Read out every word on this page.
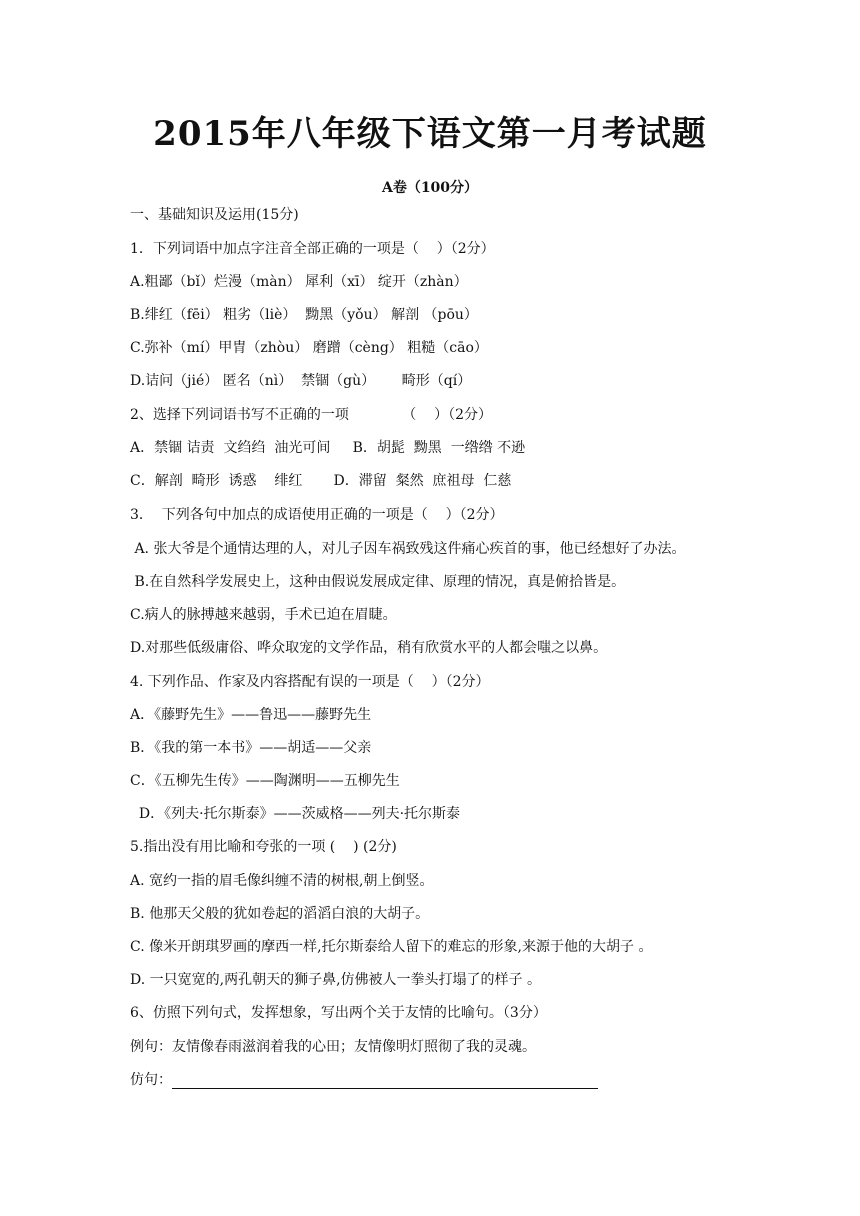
2015年八年级下语文第一月考试题
A卷（100分）
一、基础知识及运用(15分)
1．下列词语中加点字注音全部正确的一项是（    ）（2分）
A.粗鄙（bǐ）烂漫（màn） 犀利（xī） 绽开（zhàn）
B.绯红（fēi） 粗劣（liè）  黝黑（yǒu） 解剖 （pōu）
C.弥补（mí）甲胄（zhòu） 磨蹭（cèng） 粗糙（cāo）
D.诘问（jié） 匿名（nì）  禁锢（gù）      畸形（qí）
2、选择下列词语书写不正确的一项            （    ）（2分）
A．禁锢 诘责  文绉绉  油光可间     B．胡髭  黝黑  一绺绺 不逊
C．解剖  畸形  诱惑    绯红       D．滞留  粲然  庶祖母  仁慈
3．  下列各句中加点的成语使用正确的一项是（    ）（2分）
A. 张大爷是个通情达理的人，对儿子因车祸致残这件痛心疾首的事，他已经想好了办法。
B.在自然科学发展史上，这种由假说发展成定律、原理的情况，真是俯拾皆是。
C.病人的脉搏越来越弱，手术已迫在眉睫。
D.对那些低级庸俗、哗众取宠的文学作品，稍有欣赏水平的人都会嗤之以鼻。
4. 下列作品、作家及内容搭配有误的一项是（    ）（2分）
A．《藤野先生》——鲁迅——藤野先生
B．《我的第一本书》——胡适——父亲
C．《五柳先生传》——陶渊明——五柳先生
D．《列夫·托尔斯泰》——茨威格——列夫·托尔斯泰
5.指出没有用比喻和夸张的一项 (    ) (2分)
A. 宽约一指的眉毛像纠缠不清的树根,朝上倒竖。
B. 他那天父般的犹如卷起的滔滔白浪的大胡子。
C. 像米开朗琪罗画的摩西一样,托尔斯泰给人留下的难忘的形象,来源于他的大胡子 。
D. 一只宽宽的,两孔朝天的狮子鼻,仿佛被人一拳头打塌了的样子 。
6、仿照下列句式，发挥想象，写出两个关于友情的比喻句。（3分）
例句：友情像春雨滋润着我的心田；友情像明灯照彻了我的灵魂。
仿句：
